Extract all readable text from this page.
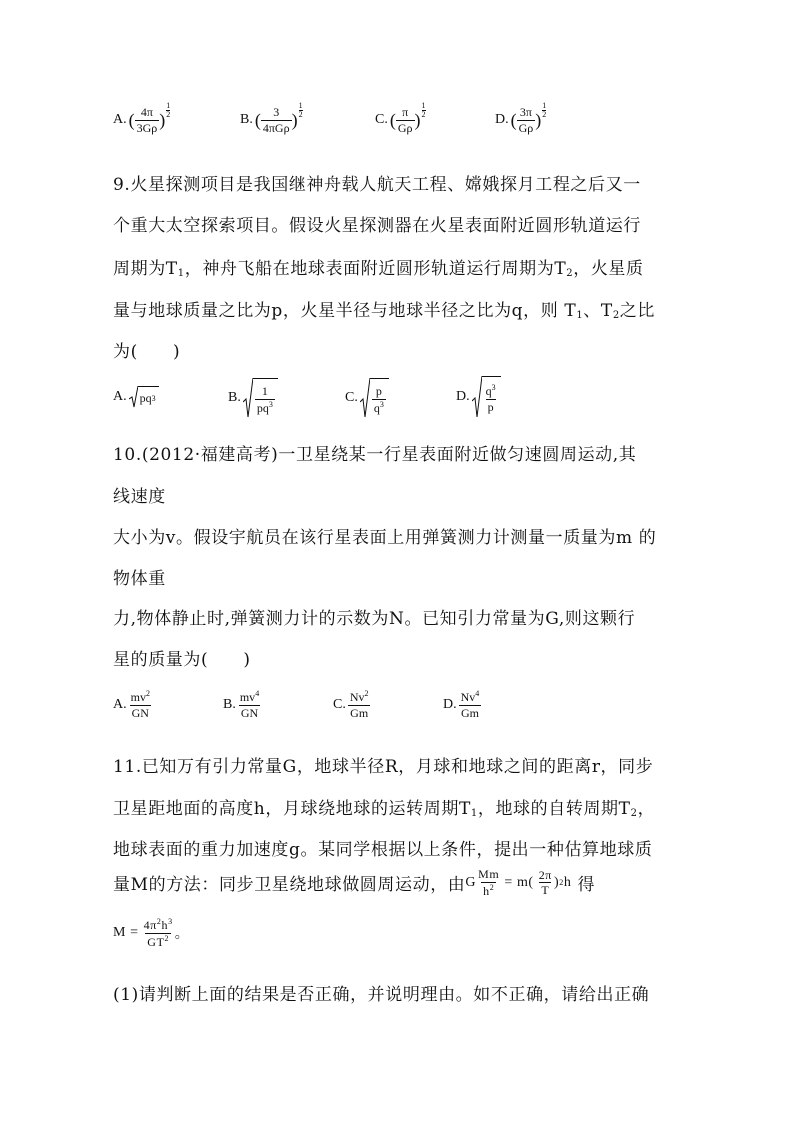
A. ( $\frac{4\pi}{3G\rho}$ ) $\frac{1}{2}$
B. ( $\frac{3}{\text{4πGρ}}$ ) $\frac{1}{2}$
C. ( $\frac{\pi}{G\rho}$ ) $\frac{1}{2}$
D. ( $\frac{3\pi}{G\rho}$ ) $\frac{1}{2}$
9.火星探测项目是我国继神舟载人航天工程、嫦娥探月工程之后又一
个重大太空探索项目。假设火星探测器在火星表面附近圆形轨道运行
周期为$T_1$，神舟飞船在地球表面附近圆形轨道运行周期为$T_2$，火星质
量与地球质量之比为p，火星半径与地球半径之比为q，则 $T_1$、$T_2$之比
为(　　)
A. pq 3	B. $\frac{1}{pq^3}$	C. $\frac{p}{q^3}$	D. $\frac{q^3}{p}$
10.(2012·福建高考)一卫星绕某一行星表面附近做匀速圆周运动,其
线速度
大小为v。假设宇航员在该行星表面上用弹簧测力计测量一质量为m 的
物体重
力,物体静止时,弹簧测力计的示数为N。已知引力常量为G,则这颗行
星的质量为(　　)
A. $\frac{mv^2}{GN}$	B. $\frac{mv^4}{GN}$	C. $\frac{Nv^2}{Gm}$	D. $\frac{Nv^4}{Gm}$
11.已知万有引力常量G，地球半径R，月球和地球之间的距离r，同步
卫星距地面的高度h，月球绕地球的运转周期$T_1$，地球的自转周期$T_2$，
地球表面的重力加速度g。某同学根据以上条件，提出一种估算地球质
量M的方法：同步卫星绕地球做圆周运动，由 G $\frac{Mm}{h^2} = m( \frac{2\pi}{T}$ ) 2 h 得
$M = \frac{4\pi^2h^3}{GT^2}$ 。
(1)请判断上面的结果是否正确，并说明理由。如不正确，请给出正确
